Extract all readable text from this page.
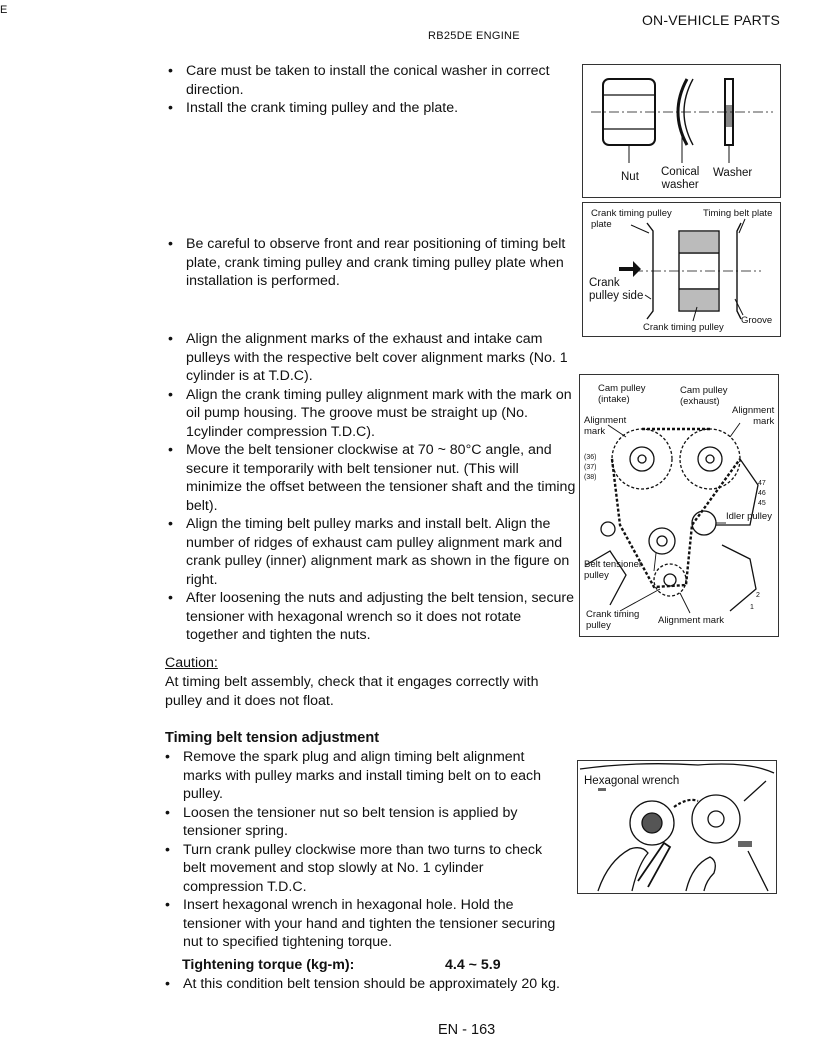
E
ON-VEHICLE PARTS
RB25DE ENGINE
• Care must be taken to install the conical washer in correct direction.
• Install the crank timing pulley and the plate.
Nut Conical
washer
Washer
• Be careful to observe front and rear positioning of timing belt plate, crank timing pulley and crank timing pulley plate when installation is performed.
Crank timing pulley
plate
Timing belt plate
Crank
pulley side
Groove
Crank timing pulley
• Align the alignment marks of the exhaust and intake cam pulleys with the respective belt cover alignment marks (No. 1 cylinder is at T.D.C).
• Align the crank timing pulley alignment mark with the mark on oil pump housing. The groove must be straight up (No. 1cylinder compression T.D.C).
• Move the belt tensioner clockwise at 70 ~ 80°C angle, and secure it temporarily with belt tensioner nut. (This will minimize the offset between the tensioner shaft and the timing belt).
• Align the timing belt pulley marks and install belt. Align the number of ridges of exhaust cam pulley alignment mark and crank pulley (inner) alignment mark as shown in the figure on right.
• After loosening the nuts and adjusting the belt tension, secure tensioner with hexagonal wrench so it does not rotate together and tighten the nuts.
Cam pulley
(intake)
Cam pulley
(exhaust)
Alignment
mark
Alignment
mark
(36)
(37)
(38)
47
46
45
Idler pulley
Belt tensioner
pulley
2
1
Crank timing
pulley	Alignment mark
Caution:
At timing belt assembly, check that it engages correctly with pulley and it does not float.
Timing belt tension adjustment
• Remove the spark plug and align timing belt alignment marks with pulley marks and install timing belt on to each pulley.
• Loosen the tensioner nut so belt tension is applied by tensioner spring.
• Turn crank pulley clockwise more than two turns to check belt movement and stop slowly at No. 1 cylinder compression T.D.C.
• Insert hexagonal wrench in hexagonal hole. Hold the tensioner with your hand and tighten the tensioner securing nut to specified tightening torque.
Tightening torque (kg-m):	4.4 ~ 5.9
• At this condition belt tension should be approximately 20 kg.
Hexagonal wrench
EN - 163
